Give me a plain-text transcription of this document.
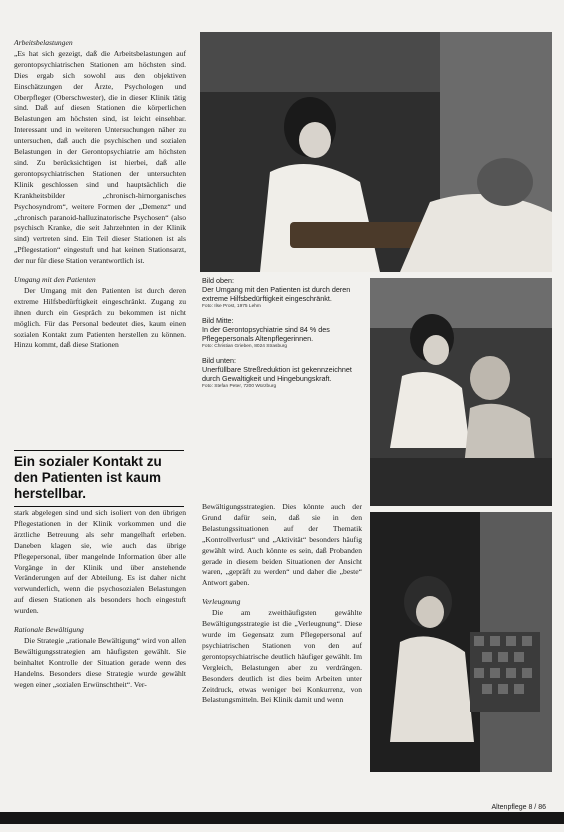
Arbeitsbelastungen

„Es hat sich gezeigt, daß die Arbeitsbelastungen auf gerontopsychiatrischen Stationen am höchsten sind. Dies ergab sich sowohl aus den objektiven Einschätzungen der Ärzte, Psychologen und Oberpfleger (Oberschwester), die in dieser Klinik tätig sind. Daß auf diesen Stationen die körperlichen Belastungen am höchsten sind, ist leicht einsehbar. Interessant und in weiteren Untersuchungen näher zu untersuchen, daß auch die psychischen und sozialen Belastungen in der Gerontopsychiatrie am höchsten sind. Zu berücksichtigen ist hierbei, daß alle gerontopsychiatrischen Stationen der untersuchten Klinik geschlossen sind und hauptsächlich die Krankheitsbilder „chronisch-hirnorganisches Psychosyndrom“, weitere Formen der „Demenz“ und „chronisch paranoid-halluzinatorische Psychosen“ (also psychisch Kranke, die seit Jahrzehnten in der Klinik sind) vertreten sind. Ein Teil dieser Stationen ist als „Pflegestation“ eingestuft und hat keinen Stationsarzt, der nur für diese Station verantwortlich ist.

Umgang mit den Patienten

Der Umgang mit den Patienten ist durch deren extreme Hilfsbedürftigkeit eingeschränkt. Zugang zu ihnen durch ein Gespräch zu bekommen ist nicht möglich. Für das Personal bedeutet dies, kaum einen sozialen Kontakt zum Patienten herstellen zu können. Hinzu kommt, daß diese Stationen

Ein sozialer Kontakt zu den Patienten ist kaum herstellbar.

stark abgelegen sind und sich isoliert von den übrigen Pflegestationen in der Klinik vorkommen und die ärztliche Betreuung als sehr mangelhaft erleben. Daneben klagen sie, wie auch das übrige Pflegepersonal, über mangelnde Information über alle Vorgänge in der Klinik und über anstehende Veränderungen auf der Abteilung. Es ist daher nicht verwunderlich, wenn die psychosozialen Belastungen auf diesen Stationen als besonders hoch eingestuft wurden.

Rationale Bewältigung

Die Strategie „rationale Bewältigung“ wird von allen Bewältigungsstrategien am häufigsten gewählt. Sie beinhaltet Kontrolle der Situation gerade wenn des Handelns. Besonders diese Strategie wurde gewählt wegen einer „sozialen Erwünschtheit“. Ver-

Bild oben:

Der Umgang mit den Patienten ist durch deren extreme Hilfsbedürftigkeit eingeschränkt.

Foto: Ilse Prost, 1975 Lehm

Bild Mitte:

In der Gerontopsychiatrie sind 84 % des Pflegepersonals Altenpflegerinnen.

Foto: Christian Grieben, 8024 Strasburg

Bild unten:

Unerfüllbare Streßreduktion ist gekennzeichnet durch Gewaltigkeit und Hingebungskraft.

Foto: Stefan Peter, 7200 Würzburg

Bewältigungsstrategien. Dies könnte auch der Grund dafür sein, daß sie in den Belastungssituationen auf der Thematik „Kontrollverlust“ und „Aktivität“ besonders häufig gewählt wird. Auch könnte es sein, daß Probanden gerade in diesem beiden Situationen der Ansicht waren, „gepräft zu werden“ und daher die „beste“ Antwort gaben.

Verleugnung

Die am zweithäufigsten gewählte Bewältigungsstrategie ist die „Verleugnung“. Diese wurde im Gegensatz zum Pflegepersonal auf psychiatrischen Stationen von den auf gerontopsychiatrische deutlich häufiger gewählt. Im Vergleich, Belastungen aber zu verdrängen. Besonders deutlich ist dies beim Arbeiten unter Zeitdruck, etwas weniger bei Konkurrenz, von Belastungsmitteln. Bei Klinik damit und wenn

Altenpflege 8 / 86
